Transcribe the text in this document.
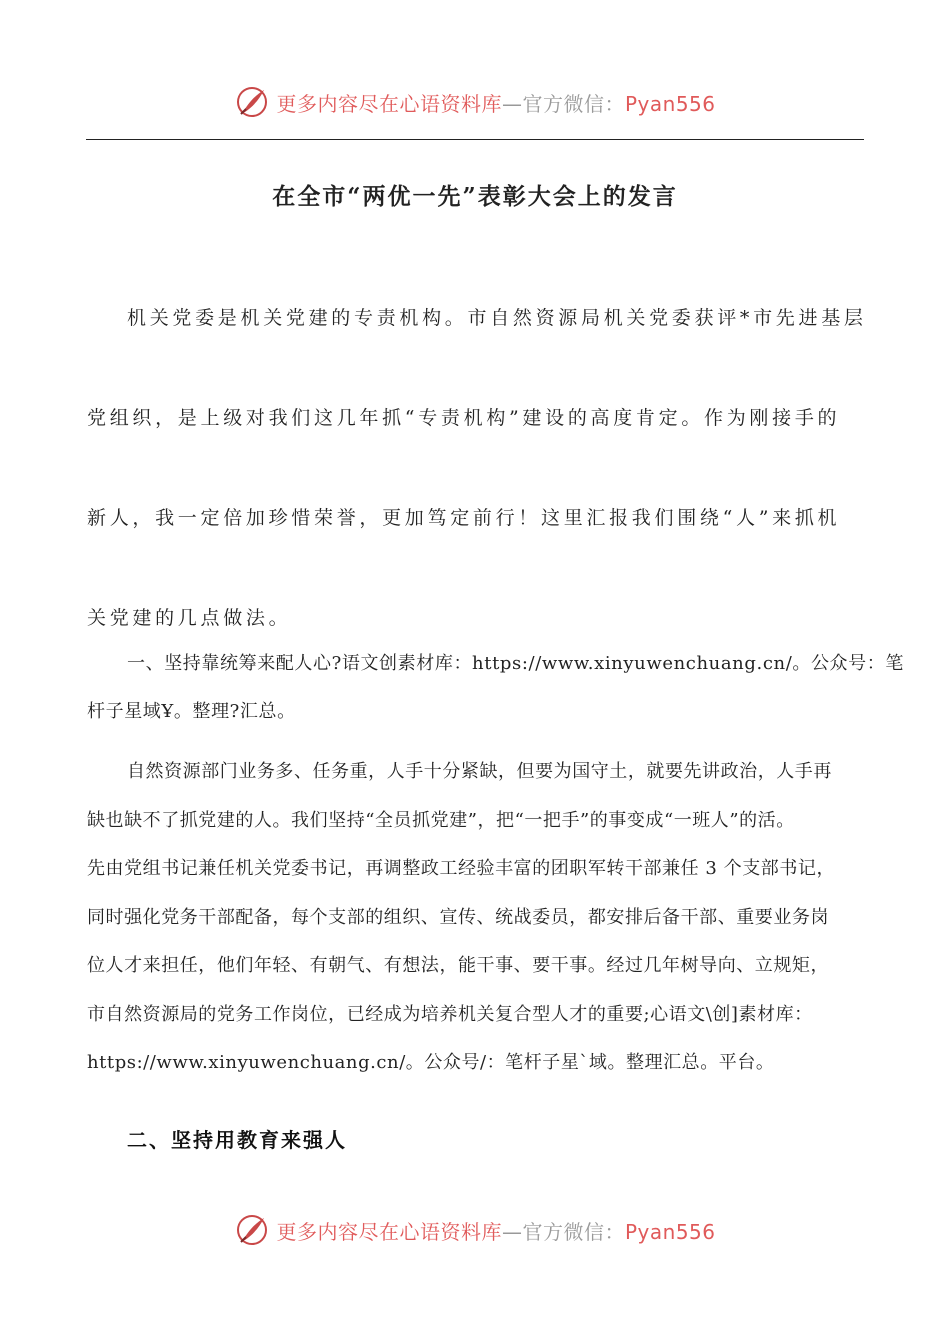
更多内容尽在心语资料库—官方微信：Pyan556
在全市“两优一先”表彰大会上的发言
机关党委是机关党建的专责机构。市自然资源局机关党委获评*市先进基层
党组织，是上级对我们这几年抓“专责机构”建设的高度肯定。作为刚接手的
新人，我一定倍加珍惜荣誉，更加笃定前行！这里汇报我们围绕“人”来抓机
关党建的几点做法。
一、坚持靠统筹来配人心?语文创素材库：https://www.xinyuwenchuang.cn/。公众号：笔
杆子星域Ұ。整理?汇总。
自然资源部门业务多、任务重，人手十分紧缺，但要为国守土，就要先讲政治，人手再
缺也缺不了抓党建的人。我们坚持“全员抓党建”，把“一把手”的事变成“一班人”的活。
先由党组书记兼任机关党委书记，再调整政工经验丰富的团职军转干部兼任 3 个支部书记，
同时强化党务干部配备，每个支部的组织、宣传、统战委员，都安排后备干部、重要业务岗
位人才来担任，他们年轻、有朝气、有想法，能干事、要干事。经过几年树导向、立规矩，
市自然资源局的党务工作岗位，已经成为培养机关复合型人才的重要;心语文\创]素材库：
https://www.xinyuwenchuang.cn/。公众号/：笔杆子星`域。整理汇总。平台。
二、坚持用教育来强人
更多内容尽在心语资料库—官方微信：Pyan556
